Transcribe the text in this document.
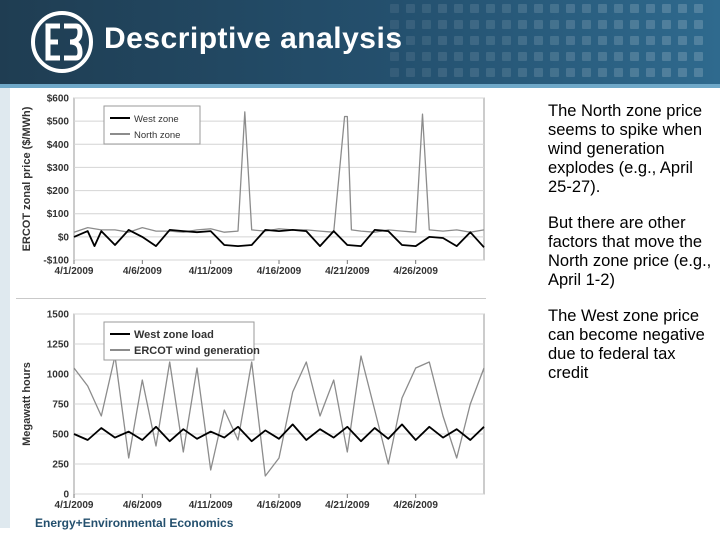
Descriptive analysis
$600
$500
$400
$300
$200
$100
$0
-$100
4/1/2009	4/6/2009	4/11/2009 4/16/2009 4/21/2009 4/26/2009
ERCOT zonal price ($/MWh)	West zone
North zone
1500
1250
1000
750
500
250
0
4/1/2009	4/6/2009	4/11/2009 4/16/2009 4/21/2009 4/26/2009
Megawatt hours
West zone load
ERCOT wind generation

The North zone price seems to spike when wind generation explodes (e.g., April 25-27).

But there are other factors that move the North zone price (e.g., April 1-2)

The West zone price can become negative due to federal tax credit

Energy+Environmental Economics
